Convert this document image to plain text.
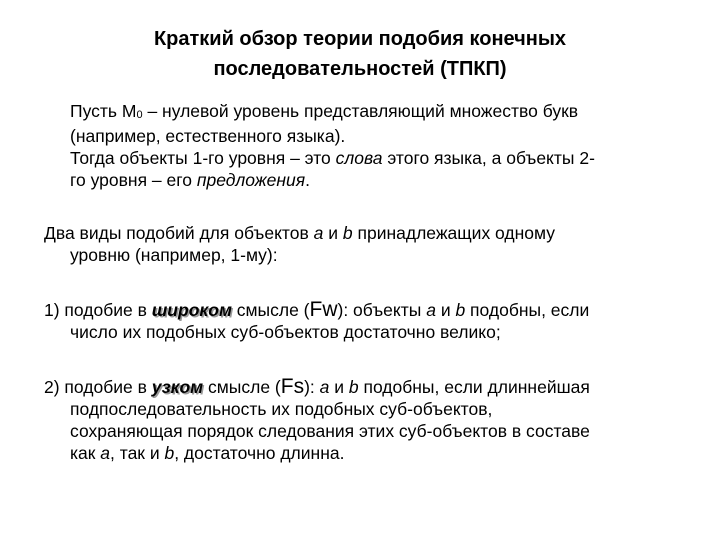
Краткий обзор теории подобия конечных
последовательностей (ТПКП)
Пусть M0 – нулевой уровень представляющий множество букв
(например, естественного языка).
Тогда объекты 1-го уровня – это слова этого языка, а объекты 2-
го уровня – его предложения.
Два виды подобий для объектов a и b принадлежащих одному
уровню (например, 1-му):
1) подобие в широком смысле (Fw): объекты a и b подобны, если
число их подобных суб-объектов достаточно велико;
2) подобие в узком смысле (Fs): a и b подобны, если длиннейшая
подпоследовательность их подобных суб-объектов,
сохраняющая порядок следования этих суб-объектов в составе
как a, так и b, достаточно длинна.
